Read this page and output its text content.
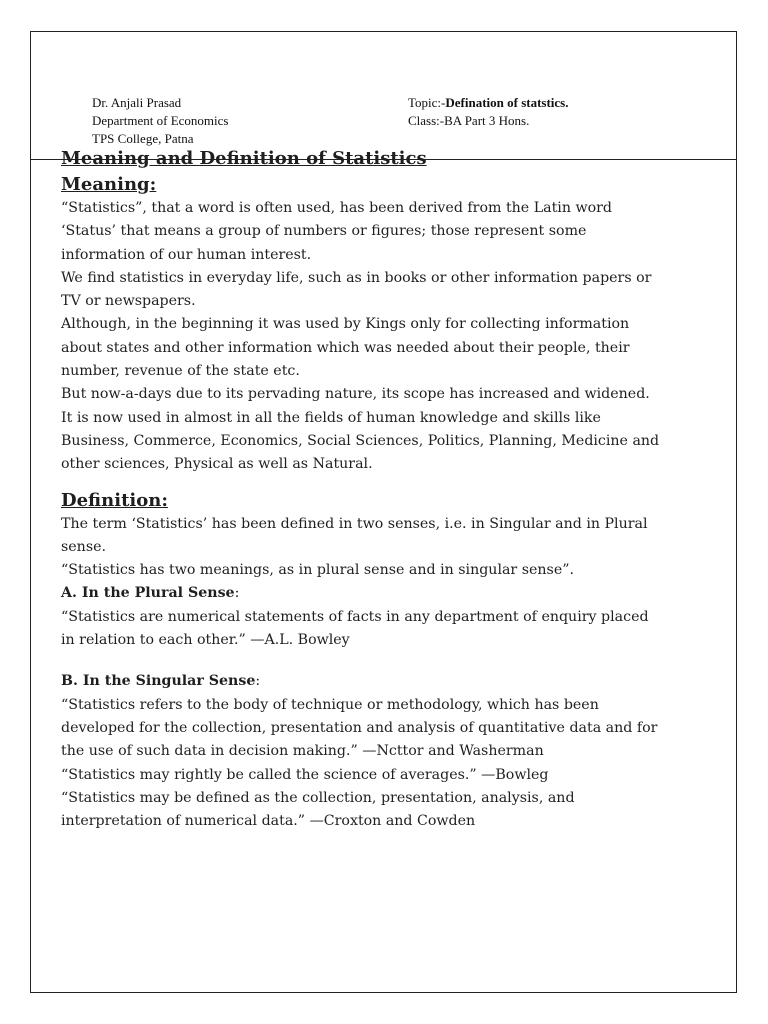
Dr. Anjali Prasad
Department of Economics
TPS College, Patna
Topic:-Defination of statstics.
Class:-BA Part 3 Hons.

Meaning and Definition of Statistics

Meaning:

“Statistics”, that a word is often used, has been derived from the Latin word ‘Status’ that means a group of numbers or figures; those represent some information of our human interest.

We find statistics in everyday life, such as in books or other information papers or TV or newspapers.

Although, in the beginning it was used by Kings only for collecting information about states and other information which was needed about their people, their number, revenue of the state etc.

But now-a-days due to its pervading nature, its scope has increased and widened.

It is now used in almost in all the fields of human knowledge and skills like Business, Commerce, Economics, Social Sciences, Politics, Planning, Medicine and other sciences, Physical as well as Natural.

Definition:

The term ‘Statistics’ has been defined in two senses, i.e. in Singular and in Plural sense.

“Statistics has two meanings, as in plural sense and in singular sense”.

A. In the Plural Sense:

“Statistics are numerical statements of facts in any department of enquiry placed in relation to each other.” —A.L. Bowley

B. In the Singular Sense:

“Statistics refers to the body of technique or methodology, which has been developed for the collection, presentation and analysis of quantitative data and for the use of such data in decision making.” —Ncttor and Washerman

“Statistics may rightly be called the science of averages.” —Bowleg

“Statistics may be defined as the collection, presentation, analysis, and interpretation of numerical data.” —Croxton and Cowden
